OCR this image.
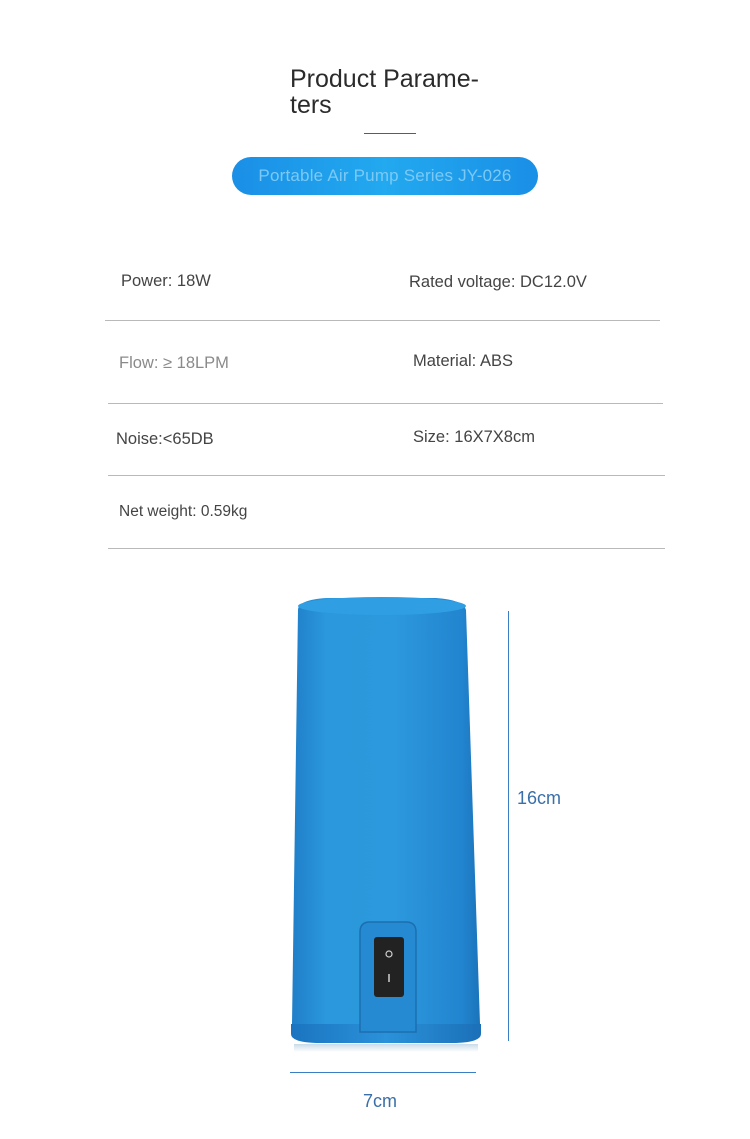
Product Parame-
ters
Portable Air Pump Series JY-026
Power: 18W	Rated voltage: DC12.0V
Flow: ≥ 18LPM	Material: ABS
Noise:<65DB	Size: 16X7X8cm
Net weight: 0.59kg
16cm
7cm
